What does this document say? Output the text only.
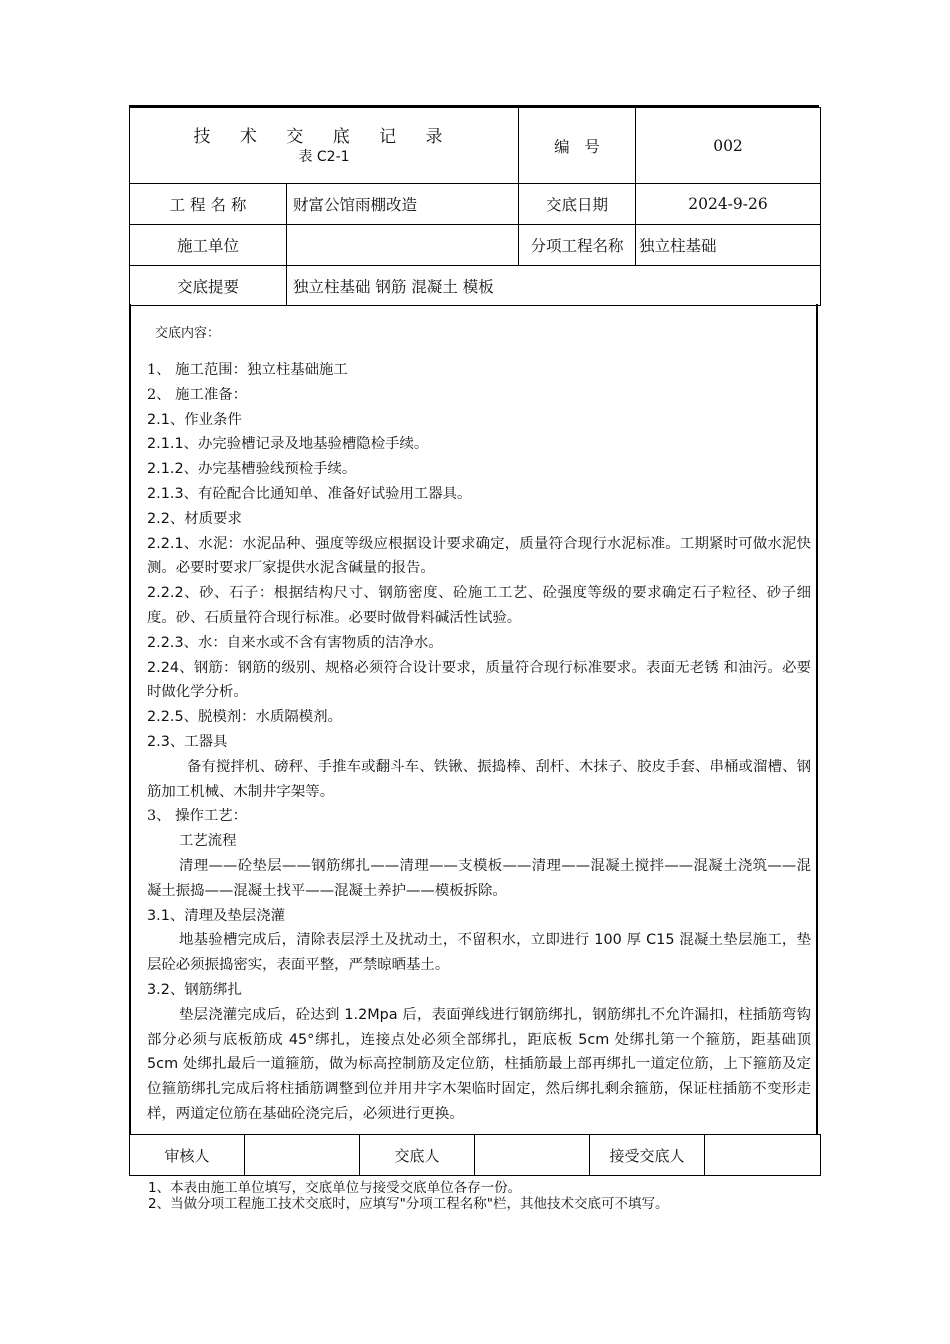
技 术 交 底 记 录
表 C2-1		编   号	002
工 程 名 称	财富公馆雨棚改造	交底日期	2024-9-26
施工单位		分项工程名称	独立柱基础
交底提要	独立柱基础 钢筋 混凝土 模板		
交底内容：

1、 施工范围：独立柱基础施工

2、 施工准备：

2.1、作业条件

2.1.1、办完验槽记录及地基验槽隐检手续。

2.1.2、办完基槽验线预检手续。

2.1.3、有砼配合比通知单、准备好试验用工器具。

2.2、材质要求

2.2.1、水泥：水泥品种、强度等级应根据设计要求确定，质量符合现行水泥标准。工期紧时可做水泥快测。必要时要求厂家提供水泥含碱量的报告。

2.2.2、砂、石子：根据结构尺寸、钢筋密度、砼施工工艺、砼强度等级的要求确定石子粒径、砂子细度。砂、石质量符合现行标准。必要时做骨料碱活性试验。

2.2.3、水：自来水或不含有害物质的洁净水。

2.24、钢筋：钢筋的级别、规格必须符合设计要求，质量符合现行标准要求。表面无老锈 和油污。必要时做化学分析。

2.2.5、脱模剂：水质隔模剂。

2.3、工器具

备有搅拌机、磅秤、手推车或翻斗车、铁锹、振捣棒、刮杆、木抹子、胶皮手套、串桶或溜槽、钢筋加工机械、木制井字架等。

3、 操作工艺：

工艺流程

清理——砼垫层——钢筋绑扎——清理——支模板——清理——混凝土搅拌——混凝土浇筑——混凝土振捣——混凝土找平——混凝土养护——模板拆除。

3.1、清理及垫层浇灌

地基验槽完成后，清除表层浮土及扰动土，不留积水，立即进行 100 厚 C15 混凝土垫层施工，垫层砼必须振捣密实，表面平整，严禁晾晒基土。

3.2、钢筋绑扎

垫层浇灌完成后，砼达到 1.2Mpa 后，表面弹线进行钢筋绑扎，钢筋绑扎不允许漏扣，柱插筋弯钩部分必须与底板筋成 45°绑扎，连接点处必须全部绑扎，距底板 5cm 处绑扎第一个箍筋，距基础顶 5cm 处绑扎最后一道箍筋，做为标高控制筋及定位筋，柱插筋最上部再绑扎一道定位筋，上下箍筋及定位箍筋绑扎完成后将柱插筋调整到位并用井字木架临时固定，然后绑扎剩余箍筋，保证柱插筋不变形走样，两道定位筋在基础砼浇完后，必须进行更换。

审核人		交底人		接受交底人	

1、本表由施工单位填写，交底单位与接受交底单位各存一份。

2、当做分项工程施工技术交底时，应填写"分项工程名称"栏，其他技术交底可不填写。
